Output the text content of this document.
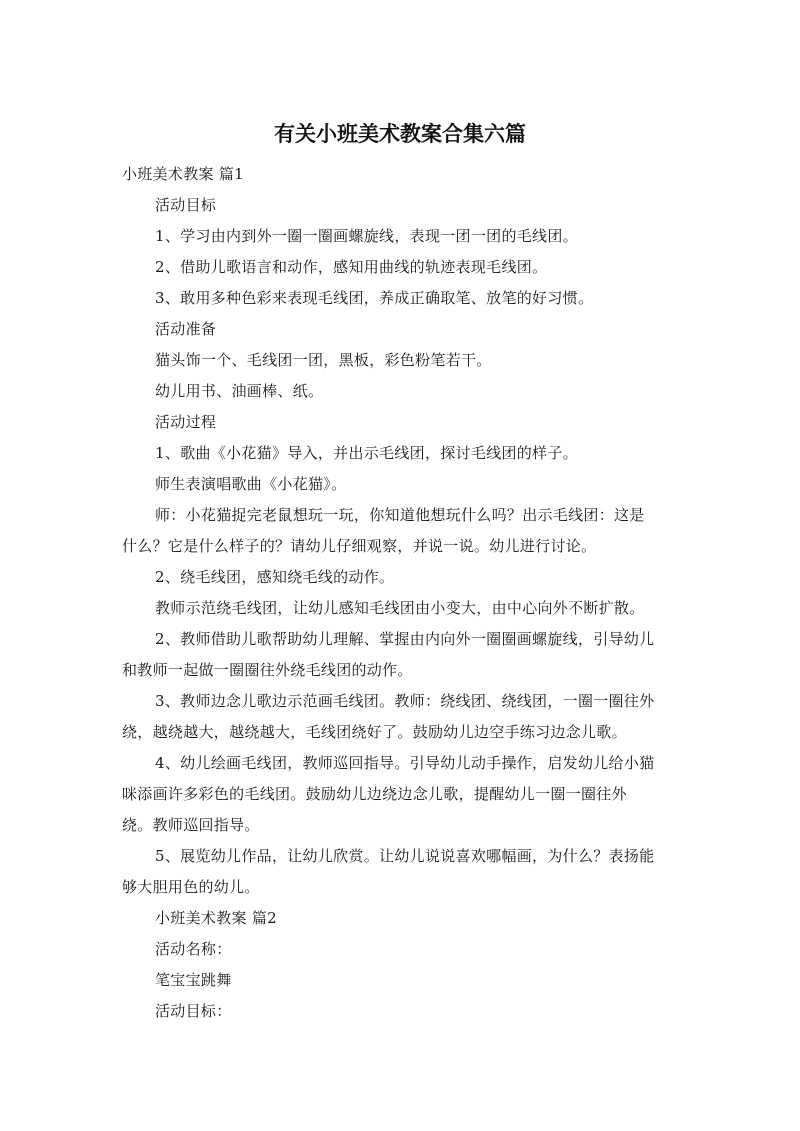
有关小班美术教案合集六篇

小班美术教案 篇1

活动目标

1、学习由内到外一圈一圈画螺旋线，表现一团一团的毛线团。

2、借助儿歌语言和动作，感知用曲线的轨迹表现毛线团。

3、敢用多种色彩来表现毛线团，养成正确取笔、放笔的好习惯。

活动准备

猫头饰一个、毛线团一团，黑板，彩色粉笔若干。

幼儿用书、油画棒、纸。

活动过程

1、歌曲《小花猫》导入，并出示毛线团，探讨毛线团的样子。

师生表演唱歌曲《小花猫》。

师：小花猫捉完老鼠想玩一玩，你知道他想玩什么吗？出示毛线团：这是

什么？它是什么样子的？请幼儿仔细观察，并说一说。幼儿进行讨论。

2、绕毛线团，感知绕毛线的动作。

教师示范绕毛线团，让幼儿感知毛线团由小变大，由中心向外不断扩散。

2、教师借助儿歌帮助幼儿理解、掌握由内向外一圈圈画螺旋线，引导幼儿

和教师一起做一圈圈往外绕毛线团的动作。

3、教师边念儿歌边示范画毛线团。教师：绕线团、绕线团，一圈一圈往外

绕，越绕越大，越绕越大，毛线团绕好了。鼓励幼儿边空手练习边念儿歌。

4、幼儿绘画毛线团，教师巡回指导。引导幼儿动手操作，启发幼儿给小猫

咪添画许多彩色的毛线团。鼓励幼儿边绕边念儿歌，提醒幼儿一圈一圈往外

绕。教师巡回指导。

5、展览幼儿作品，让幼儿欣赏。让幼儿说说喜欢哪幅画，为什么？表扬能

够大胆用色的幼儿。

小班美术教案 篇2

活动名称：

笔宝宝跳舞

活动目标：
